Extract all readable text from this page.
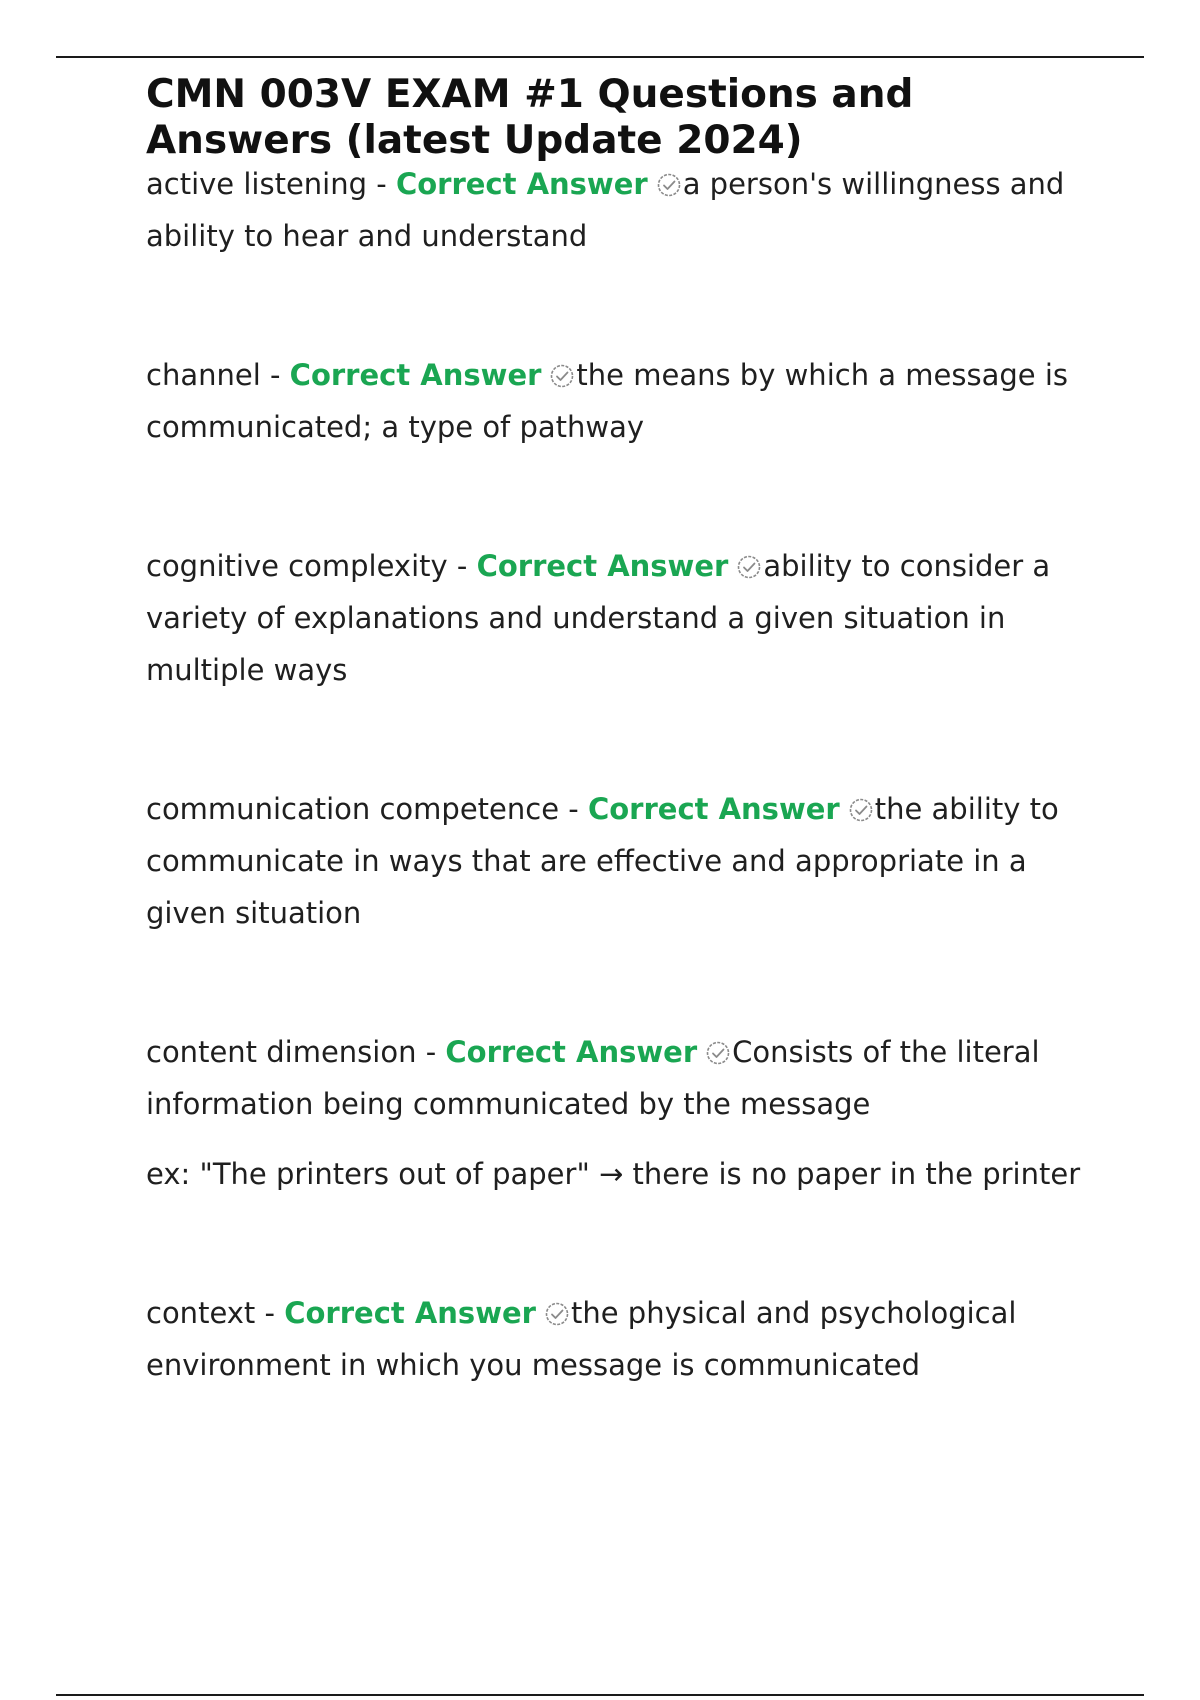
CMN 003V EXAM #1 Questions and Answers (latest Update 2024)

active listening - Correct Answer a person's willingness and ability to hear and understand

channel - Correct Answer the means by which a message is communicated; a type of pathway

cognitive complexity - Correct Answer ability to consider a variety of explanations and understand a given situation in multiple ways

communication competence - Correct Answer the ability to communicate in ways that are effective and appropriate in a given situation

content dimension - Correct Answer Consists of the literal information being communicated by the message

ex: "The printers out of paper" → there is no paper in the printer

context - Correct Answer the physical and psychological environment in which you message is communicated
